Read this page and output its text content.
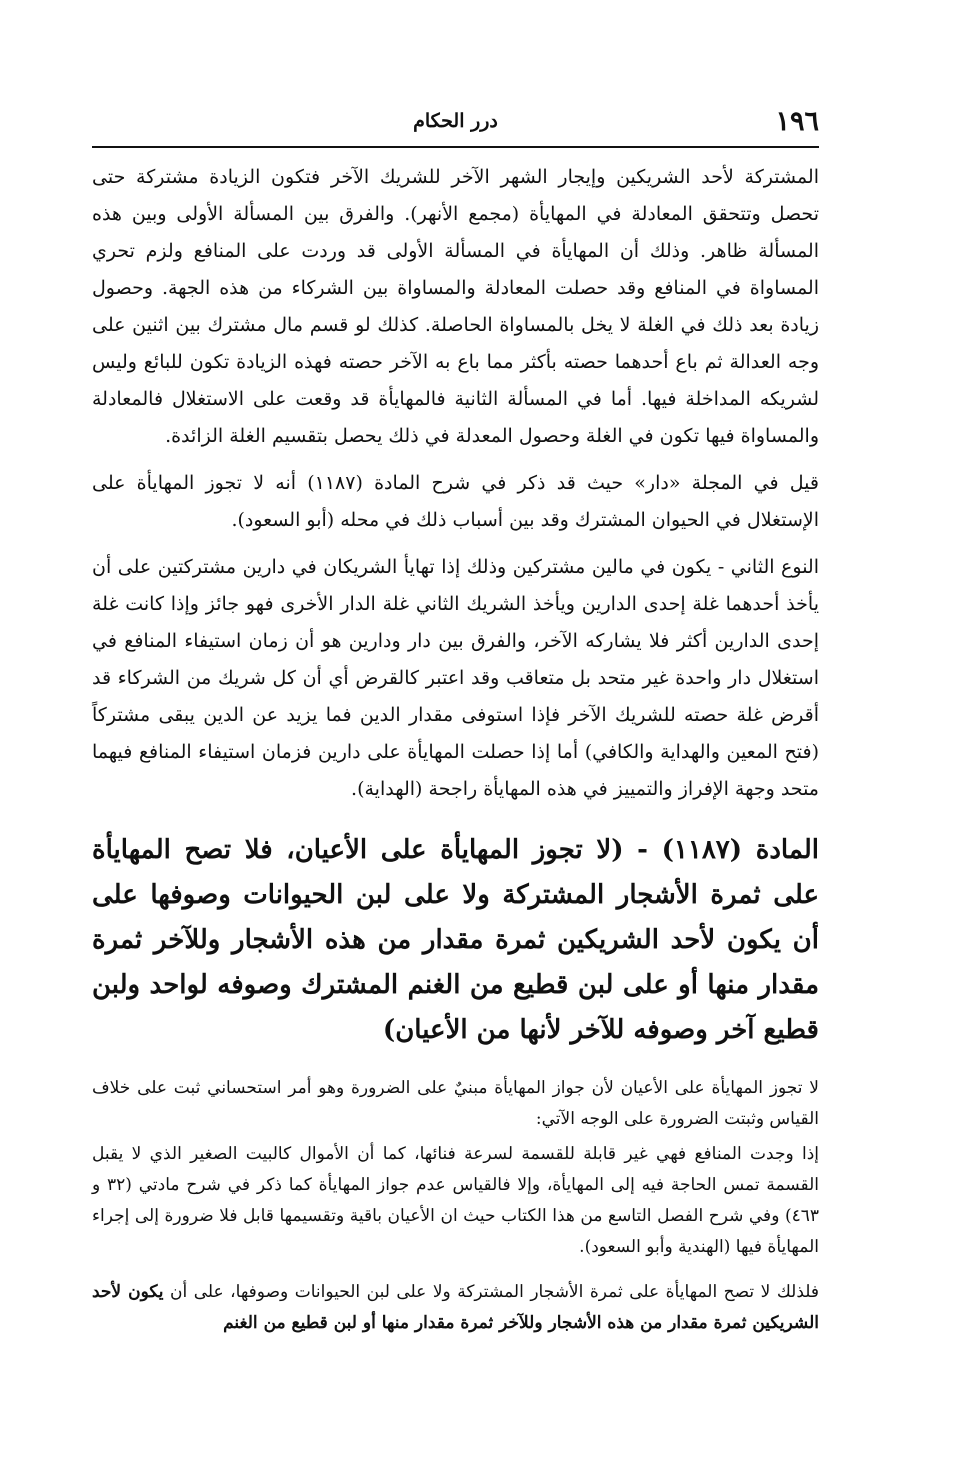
١٩٦
درر الحكام

المشتركة لأحد الشريكين وإيجار الشهر الآخر للشريك الآخر فتكون الزيادة مشتركة حتى تحصل وتتحقق المعادلة في المهايأة (مجمع الأنهر). والفرق بين المسألة الأولى وبين هذه المسألة ظاهر. وذلك أن المهايأة في المسألة الأولى قد وردت على المنافع ولزم تحري المساواة في المنافع وقد حصلت المعادلة والمساواة بين الشركاء من هذه الجهة. وحصول زيادة بعد ذلك في الغلة لا يخل بالمساواة الحاصلة. كذلك لو قسم مال مشترك بين اثنين على وجه العدالة ثم باع أحدهما حصته بأكثر مما باع به الآخر حصته فهذه الزيادة تكون للبائع وليس لشريكه المداخلة فيها. أما في المسألة الثانية فالمهايأة قد وقعت على الاستغلال فالمعادلة والمساواة فيها تكون في الغلة وحصول المعدلة في ذلك يحصل بتقسيم الغلة الزائدة.

قيل في المجلة «دار» حيث قد ذكر في شرح المادة (١١٨٧) أنه لا تجوز المهايأة على الإستغلال في الحيوان المشترك وقد بين أسباب ذلك في محله (أبو السعود).

النوع الثاني - يكون في مالين مشتركين وذلك إذا تهايأ الشريكان في دارين مشتركتين على أن يأخذ أحدهما غلة إحدى الدارين ويأخذ الشريك الثاني غلة الدار الأخرى فهو جائز وإذا كانت غلة إحدى الدارين أكثر فلا يشاركه الآخر، والفرق بين دار ودارين هو أن زمان استيفاء المنافع في استغلال دار واحدة غير متحد بل متعاقب وقد اعتبر كالقرض أي أن كل شريك من الشركاء قد أقرض غلة حصته للشريك الآخر فإذا استوفى مقدار الدين فما يزيد عن الدين يبقى مشتركاً (فتح المعين والهداية والكافي) أما إذا حصلت المهايأة على دارين فزمان استيفاء المنافع فيهما متحد وجهة الإفراز والتمييز في هذه المهايأة راجحة (الهداية).

المادة (١١٨٧) - (لا تجوز المهايأة على الأعيان، فلا تصح المهايأة على ثمرة الأشجار المشتركة ولا على لبن الحيوانات وصوفها على أن يكون لأحد الشريكين ثمرة مقدار من هذه الأشجار وللآخر ثمرة مقدار منها أو على لبن قطيع من الغنم المشترك وصوفه لواحد ولبن قطيع آخر وصوفه للآخر لأنها من الأعيان)

لا تجوز المهايأة على الأعيان لأن جواز المهايأة مبنيٌ على الضرورة وهو أمر استحساني ثبت على خلاف القياس وثبتت الضرورة على الوجه الآتي:

إذا وجدت المنافع فهي غير قابلة للقسمة لسرعة فنائها، كما أن الأموال كالبيت الصغير الذي لا يقبل القسمة تمس الحاجة فيه إلى المهايأة، وإلا فالقياس عدم جواز المهايأة كما ذكر في شرح مادتي (٣٢ و ٤٦٣) وفي شرح الفصل التاسع من هذا الكتاب حيث ان الأعيان باقية وتقسيمها قابل فلا ضرورة إلى إجراء المهايأة فيها (الهندية وأبو السعود).

فلذلك لا تصح المهايأة على ثمرة الأشجار المشتركة ولا على لبن الحيوانات وصوفها، على أن يكون لأحد الشريكين ثمرة مقدار من هذه الأشجار وللآخر ثمرة مقدار منها أو لبن قطيع من الغنم
